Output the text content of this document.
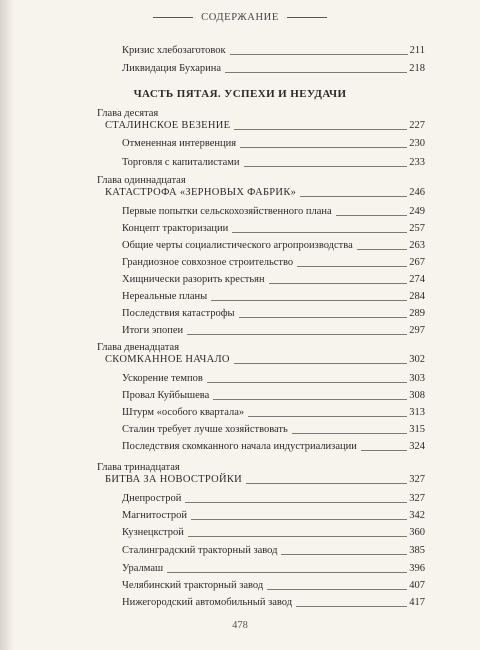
СОДЕРЖАНИЕ
Кризис хлебозаготовок	211
Ликвидация Бухарина	218
ЧАСТЬ ПЯТАЯ. УСПЕХИ И НЕУДАЧИ
Глава десятая
СТАЛИНСКОЕ ВЕЗЕНИЕ	227
Отмененная интервенция	230
Торговля с капиталистами	233
Глава одиннадцатая
КАТАСТРОФА «ЗЕРНОВЫХ ФАБРИК»	246
Первые попытки сельскохозяйственного плана	249
Концепт тракторизации	257
Общие черты социалистического агропроизводства	263
Грандиозное совхозное строительство	267
Хищнически разорить крестьян	274
Нереальные планы	284
Последствия катастрофы	289
Итоги эпопеи	297
Глава двенадцатая
СКОМКАННОЕ НАЧАЛО	302
Ускорение темпов	303
Провал Куйбышева	308
Штурм «особого квартала»	313
Сталин требует лучше хозяйствовать	315
Последствия скомканного начала индустриализации	324
Глава тринадцатая
БИТВА ЗА НОВОСТРОЙКИ	327
Днепрострой	327
Магнитострой	342
Кузнецкстрой	360
Сталинградский тракторный завод	385
Уралмаш	396
Челябинский тракторный завод	407
Нижегородский автомобильный завод	417
478
